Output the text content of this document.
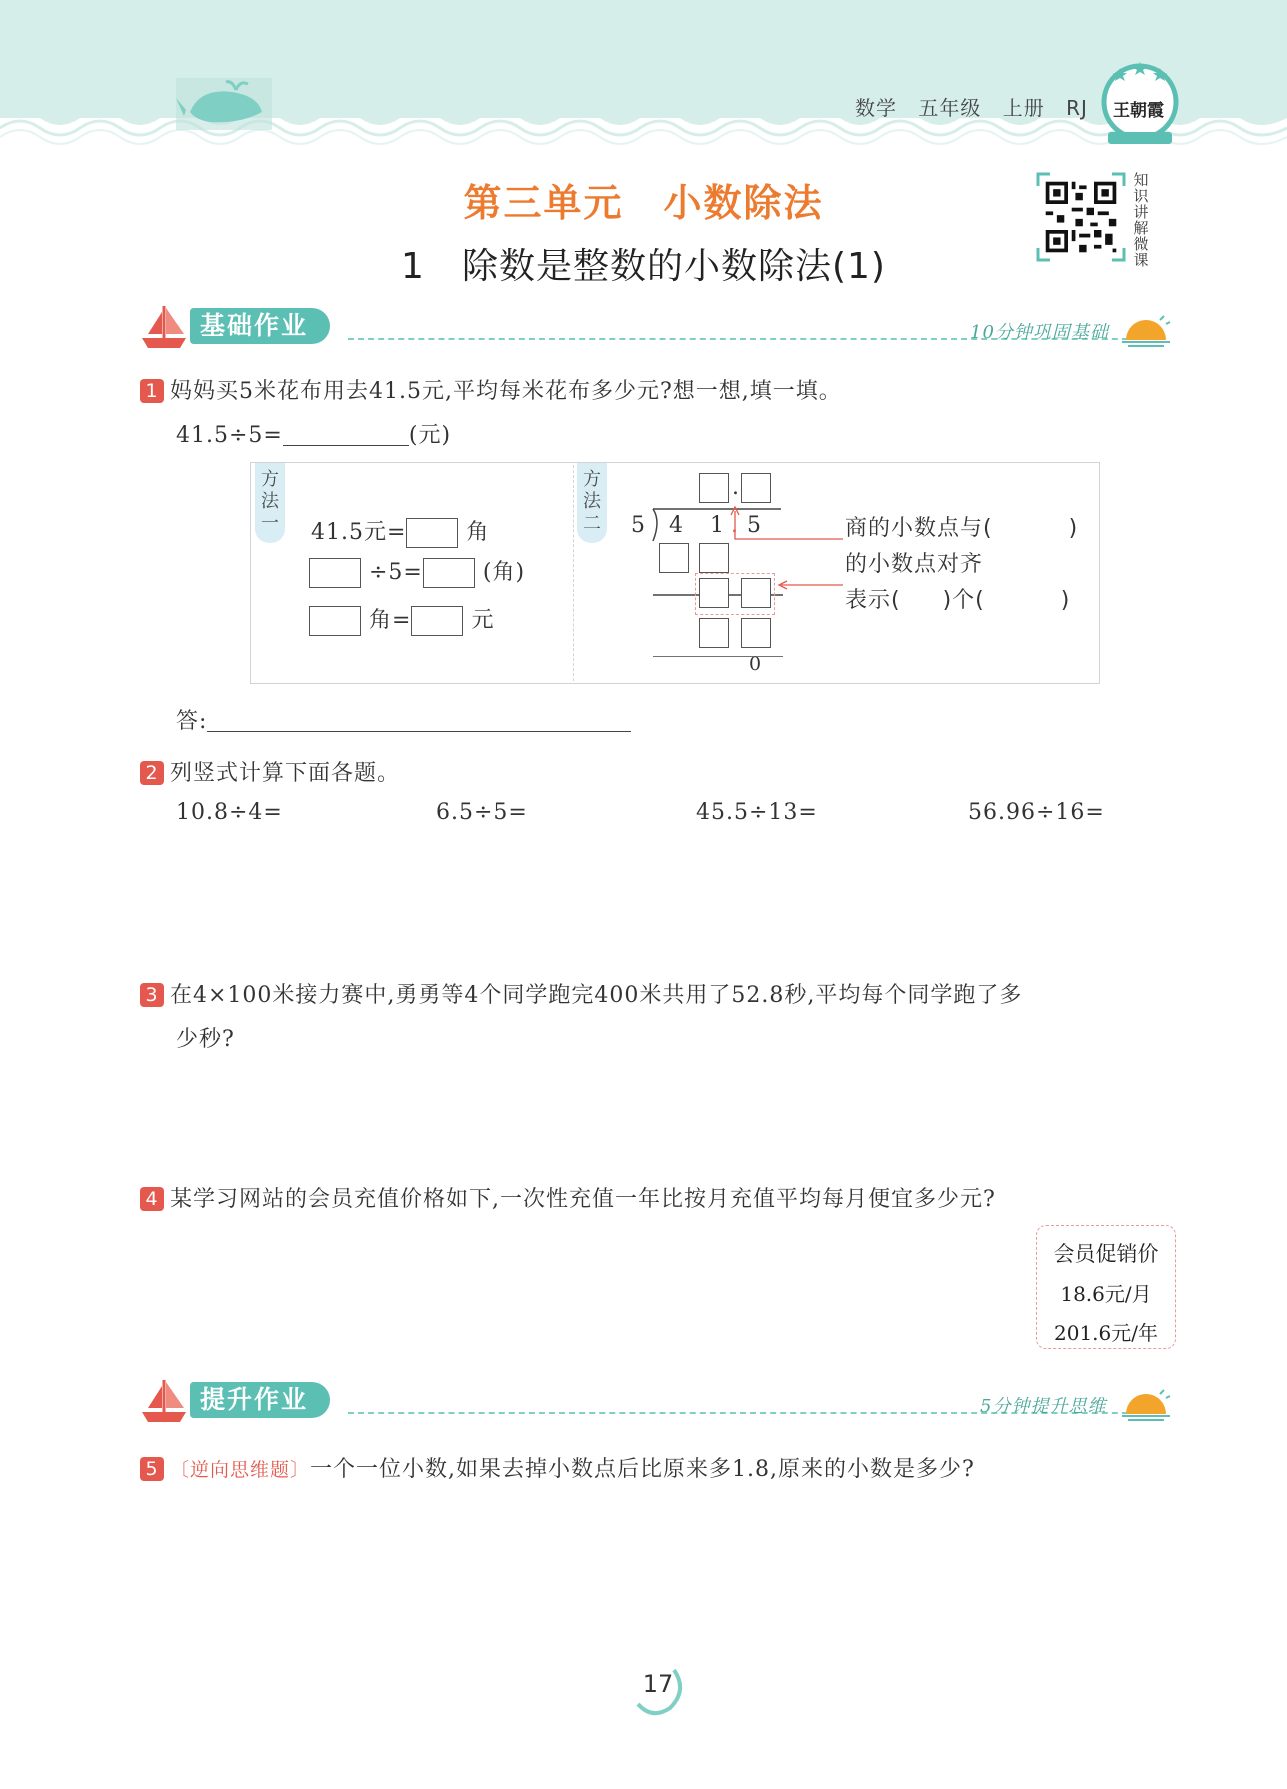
数学 五年级 上册 RJ 王朝霞
第三单元　小数除法
1　除数是整数的小数除法(1)
知识讲解微课
基础作业	10分钟巩固基础
1 妈妈买5米花布用去41.5元,平均每米花布多少元?想一想,填一填。
41.5÷5=	(元)
方法一 41.5元=	角
÷5=	(角)
角=	元
方法二
.
5 4 1 . 5
0
商的小数点与(	)
的小数点对齐
表示( )个(	)
答:
2 列竖式计算下面各题。
10.8÷4=	6.5÷5=	45.5÷13=	56.96÷16=
3 在4×100米接力赛中,勇勇等4个同学跑完400米共用了52.8秒,平均每个同学跑了多
少秒?
4 某学习网站的会员充值价格如下,一次性充值一年比按月充值平均每月便宜多少元?
会员促销价
18.6元/月
201.6元/年
提升作业	5分钟提升思维
5 〔逆向思维题〕一个一位小数,如果去掉小数点后比原来多1.8,原来的小数是多少?
17
